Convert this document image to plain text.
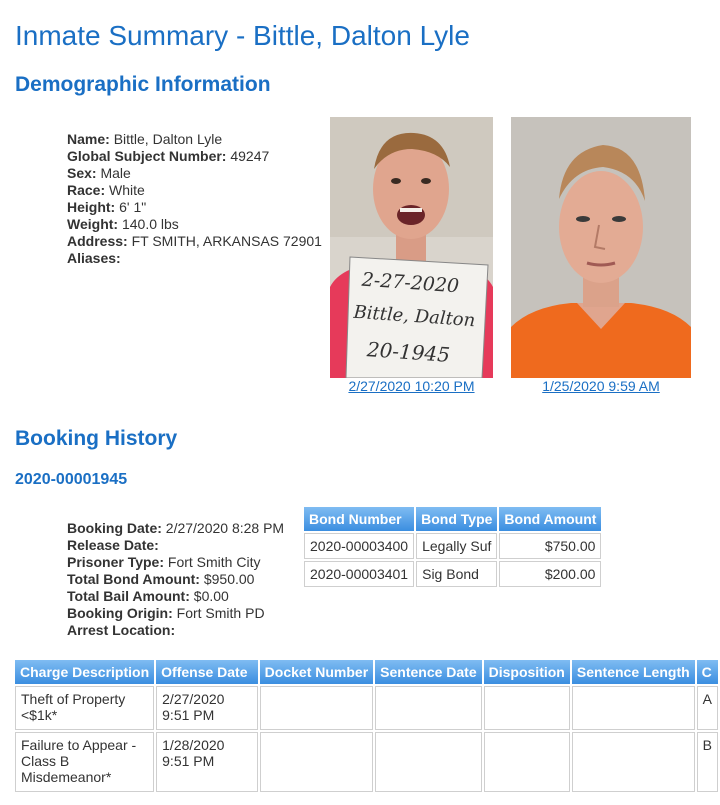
Inmate Summary - Bittle, Dalton Lyle
Demographic Information
Name: Bittle, Dalton Lyle
Global Subject Number: 49247
Sex: Male
Race: White
Height: 6' 1"
Weight: 140.0 lbs
Address: FT SMITH, ARKANSAS 72901
Aliases:
2-27-2020
Bittle, Dalton
20-1945
2/27/2020 10:20 PM	1/25/2020 9:59 AM
Booking History
2020-00001945
Booking Date: 2/27/2020 8:28 PM
Release Date:
Prisoner Type: Fort Smith City
Total Bond Amount: $950.00
Total Bail Amount: $0.00
Booking Origin: Fort Smith PD
Arrest Location:
Bond Number	Bond Type	Bond Amount
2020-00003400	Legally Suf	$750.00
2020-00003401	Sig Bond	$200.00
Charge Description	Offense Date	Docket Number	Sentence Date	Disposition	Sentence Length	C
Theft of Property <$1k*	2/27/2020 9:51 PM					A
Failure to Appear - Class B Misdemeanor*	1/28/2020 9:51 PM					B
